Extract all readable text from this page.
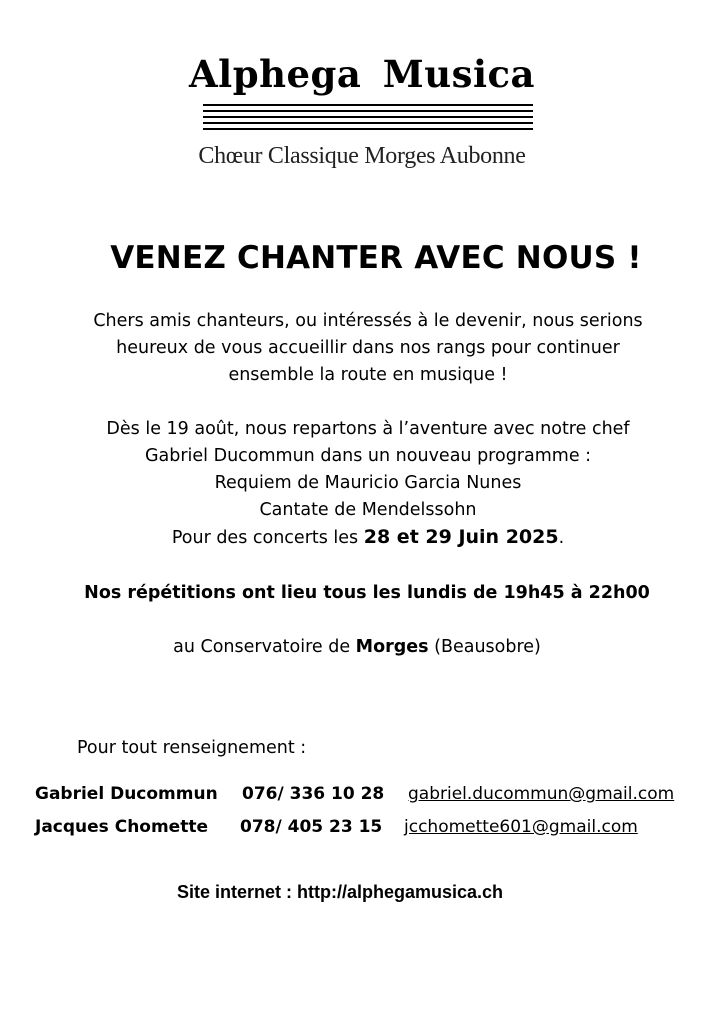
Alphega Musica
Chœur Classique Morges Aubonne
VENEZ CHANTER AVEC NOUS !
Chers amis chanteurs, ou intéressés à le devenir, nous serions
heureux de vous accueillir dans nos rangs pour continuer
ensemble la route en musique !
Dès le 19 août, nous repartons à l’aventure avec notre chef
Gabriel Ducommun dans un nouveau programme :
Requiem de Mauricio Garcia Nunes
Cantate de Mendelssohn
Pour des concerts les 28 et 29 Juin 2025.
Nos répétitions ont lieu tous les lundis de 19h45 à 22h00
au Conservatoire de Morges (Beausobre)
Pour tout renseignement :
Gabriel Ducommun 076/ 336 10 28 gabriel.ducommun@gmail.com
Jacques Chomette 078/ 405 23 15 jcchomette601@gmail.com
Site internet : http://alphegamusica.ch
